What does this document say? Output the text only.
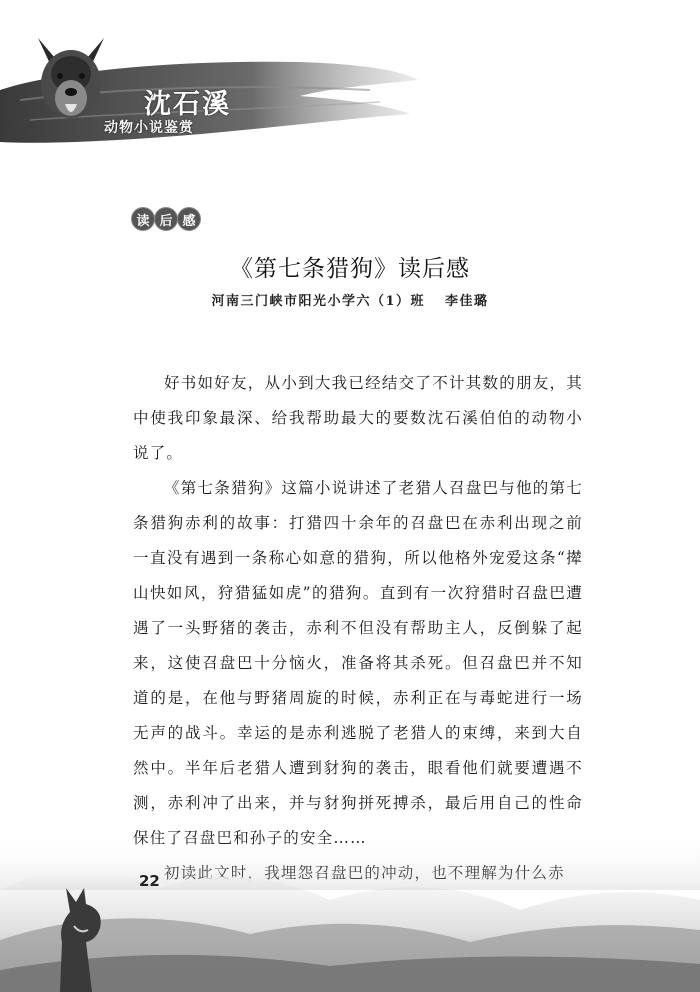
沈石溪
动物小说鉴赏
读 后 感
《第七条猎狗》读后感
河南三门峡市阳光小学六（1）班 李佳璐

好书如好友，从小到大我已经结交了不计其数的朋友，其中使我印象最深、给我帮助最大的要数沈石溪伯伯的动物小说了。

《第七条猎狗》这篇小说讲述了老猎人召盘巴与他的第七条猎狗赤利的故事：打猎四十余年的召盘巴在赤利出现之前一直没有遇到一条称心如意的猎狗，所以他格外宠爱这条“撵山快如风，狩猎猛如虎”的猎狗。直到有一次狩猎时召盘巴遭遇了一头野猪的袭击，赤利不但没有帮助主人，反倒躲了起来，这使召盘巴十分恼火，准备将其杀死。但召盘巴并不知道的是，在他与野猪周旋的时候，赤利正在与毒蛇进行一场无声的战斗。幸运的是赤利逃脱了老猎人的束缚，来到大自然中。半年后老猎人遭到豺狗的袭击，眼看他们就要遭遇不测，赤利冲了出来，并与豺狗拼死搏杀，最后用自己的性命保住了召盘巴和孙子的安全……

初读此文时，我埋怨召盘巴的冲动，也不理解为什么赤

22
